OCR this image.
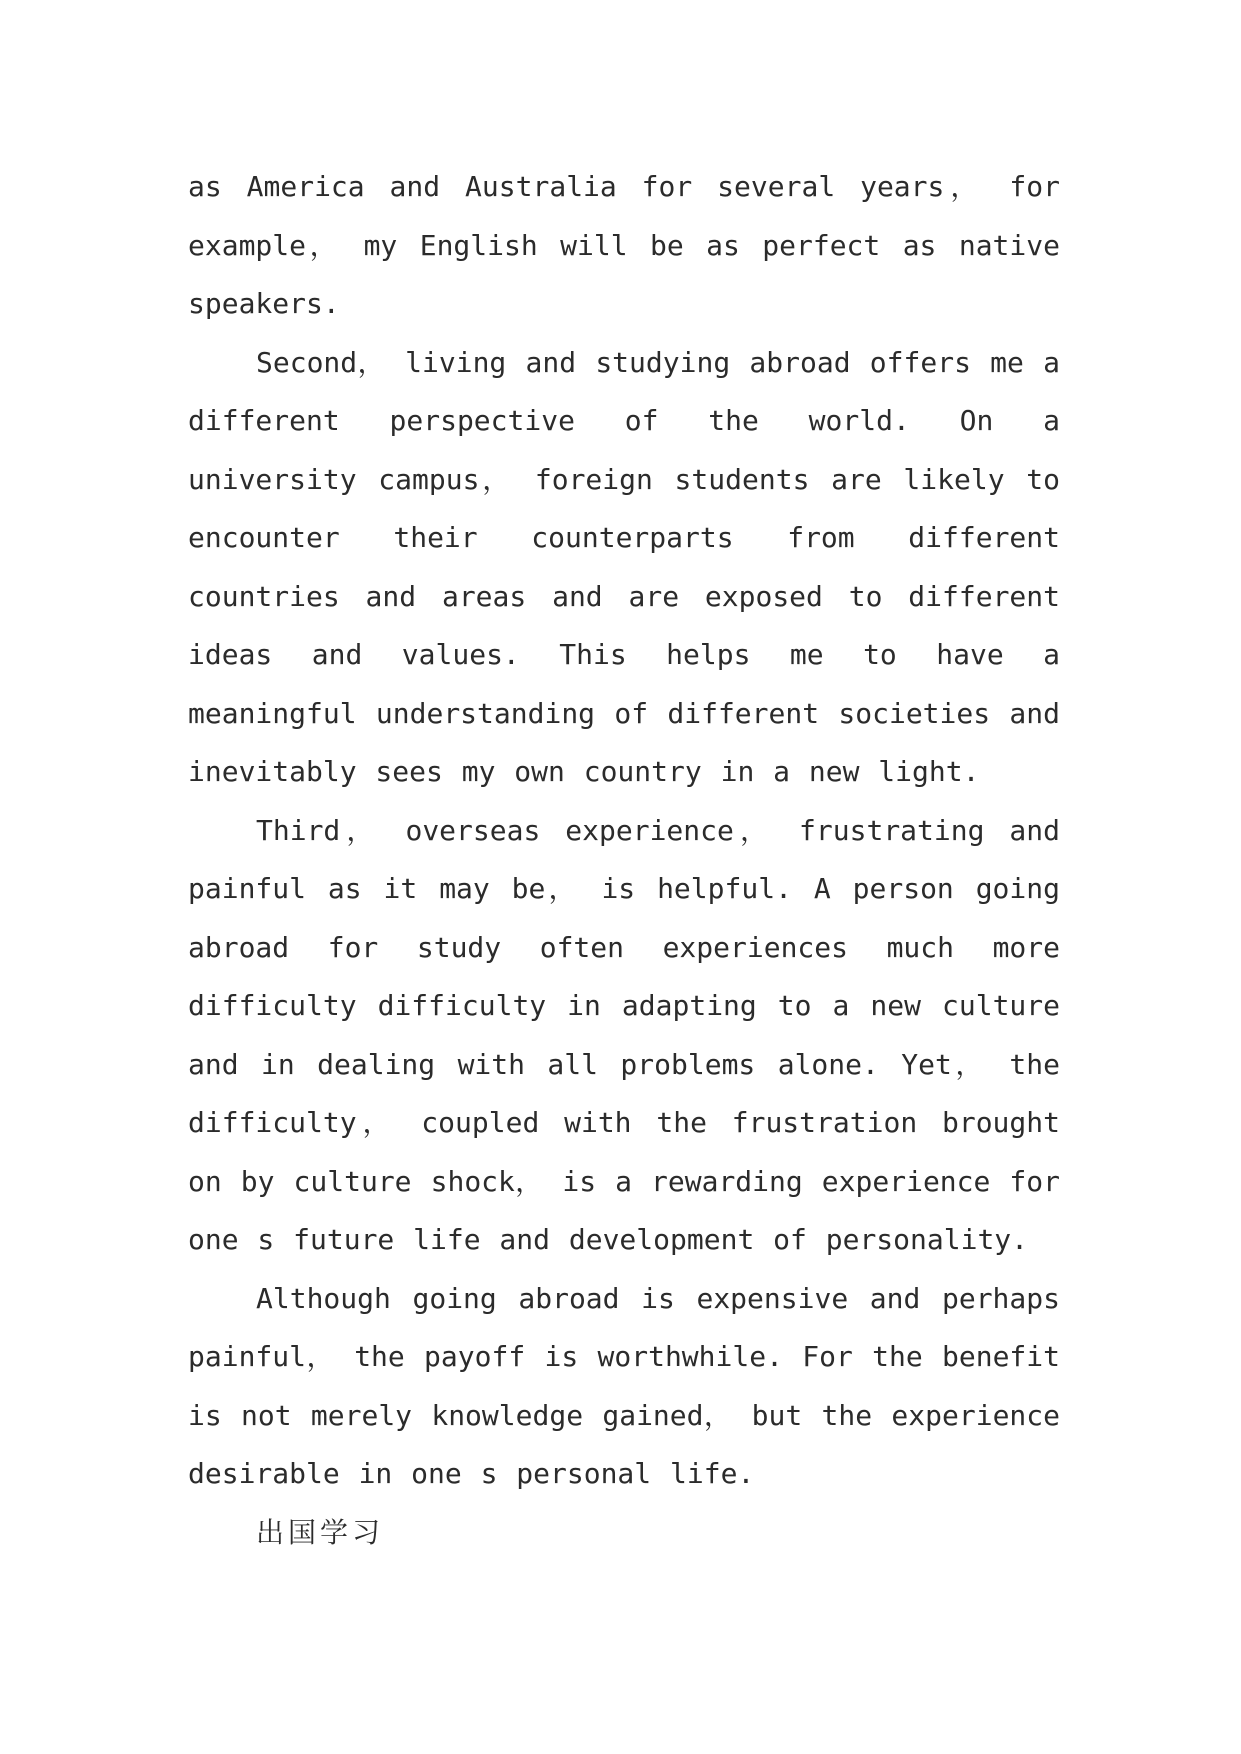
as America and Australia for several years， for example， my English will be as perfect as native speakers.

Second， living and studying abroad offers me a different perspective of the world. On a university campus， foreign students are likely to encounter their counterparts from different countries and areas and are exposed to different ideas and values. This helps me to have a meaningful understanding of different societies and inevitably sees my own country in a new light.

Third， overseas experience， frustrating and painful as it may be， is helpful. A person going abroad for study often experiences much more difficulty difficulty in adapting to a new culture and in dealing with all problems alone. Yet， the difficulty， coupled with the frustration brought on by culture shock， is a rewarding experience for one s future life and development of personality.

Although going abroad is expensive and perhaps painful， the payoff is worthwhile. For the benefit is not merely knowledge gained， but the experience desirable in one s personal life.

出国学习
